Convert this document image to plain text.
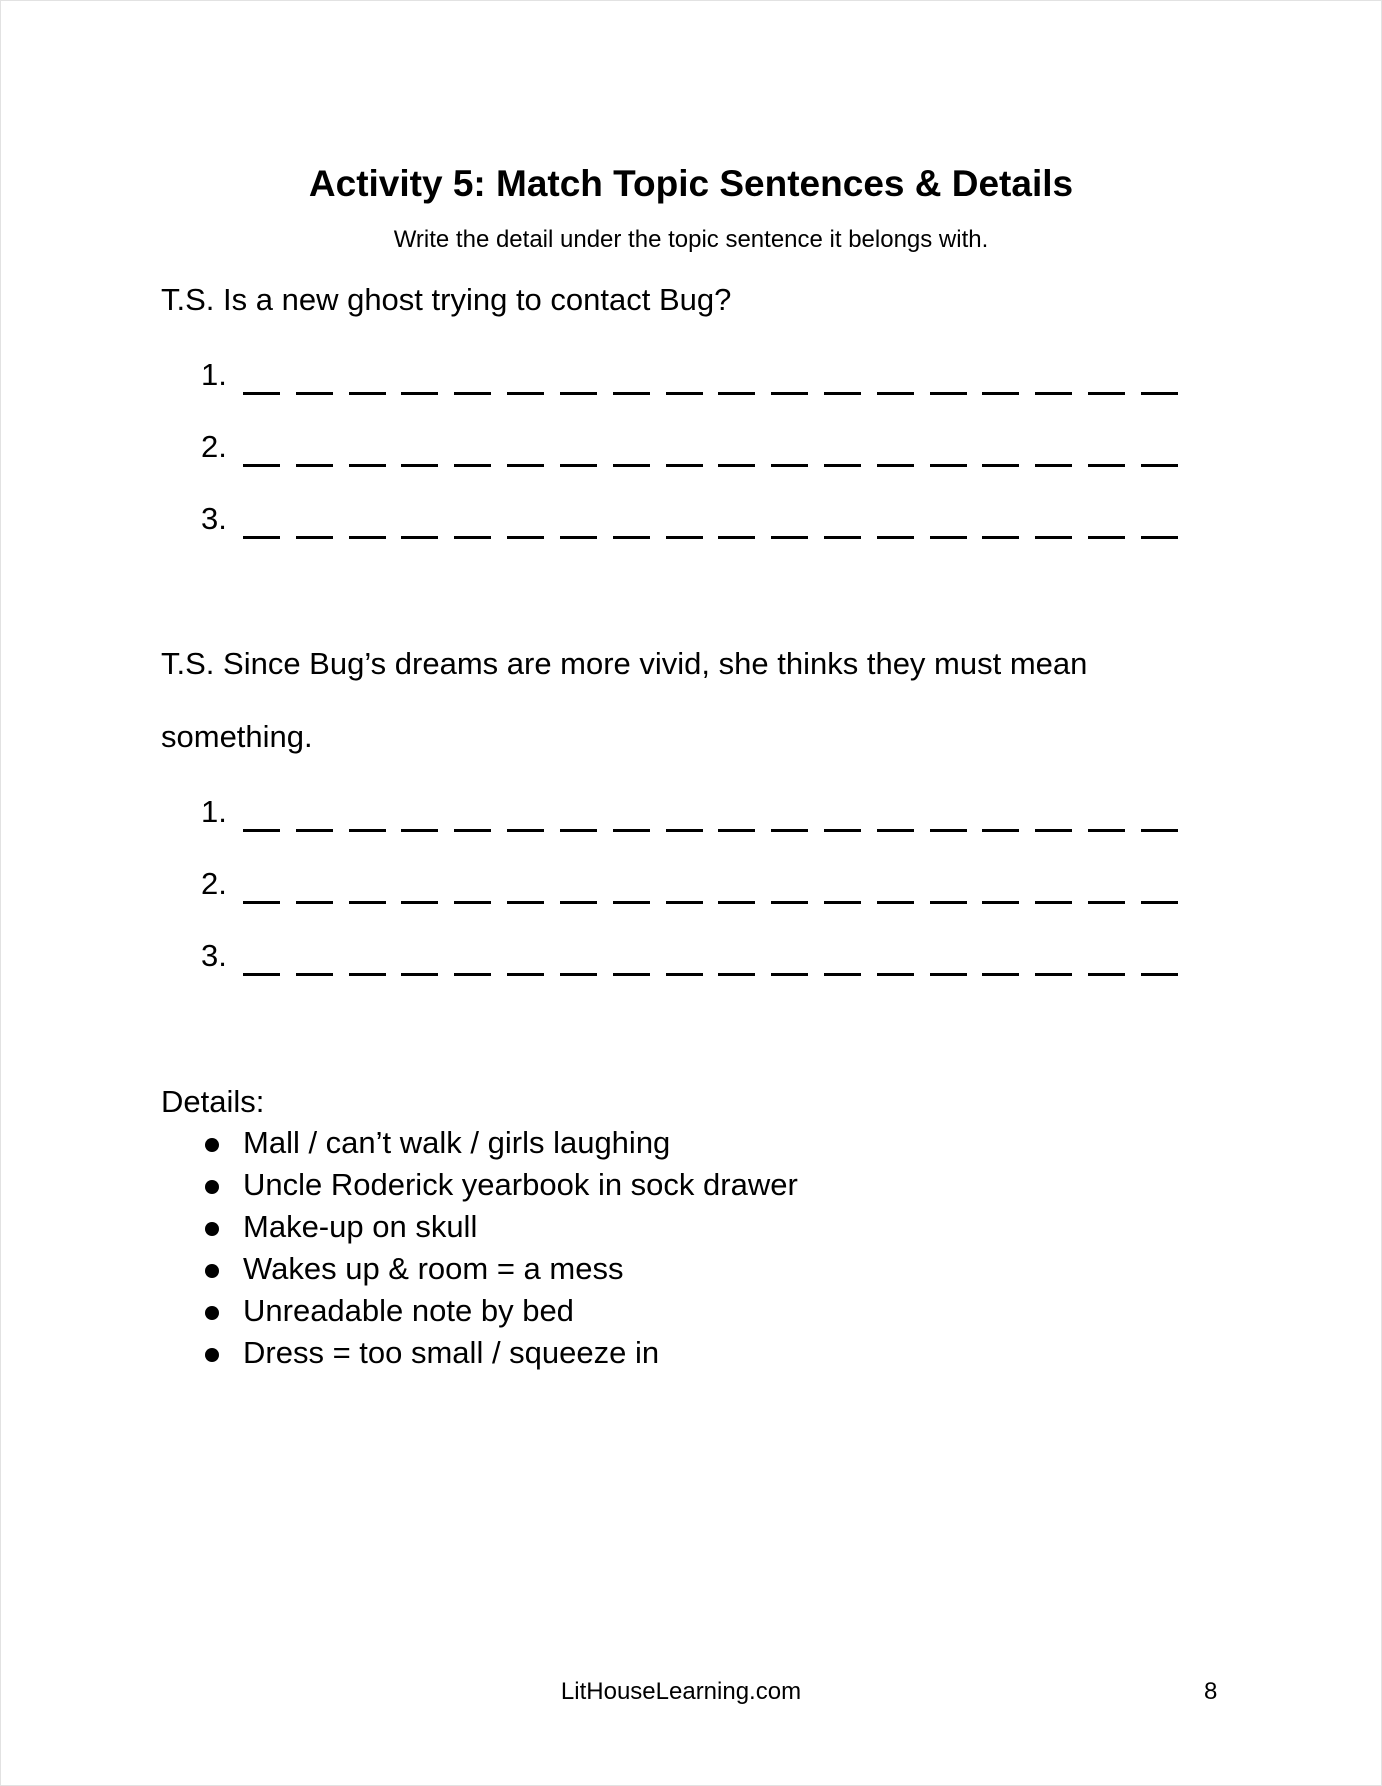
Activity 5: Match Topic Sentences & Details
Write the detail under the topic sentence it belongs with.
T.S. Is a new ghost trying to contact Bug?
1.
2.
3.
T.S. Since Bug’s dreams are more vivid, she thinks they must mean
something.
1.
2.
3.
Details:
Mall / can’t walk / girls laughing
Uncle Roderick yearbook in sock drawer
Make-up on skull
Wakes up & room = a mess
Unreadable note by bed
Dress = too small / squeeze in
LitHouseLearning.com	8
